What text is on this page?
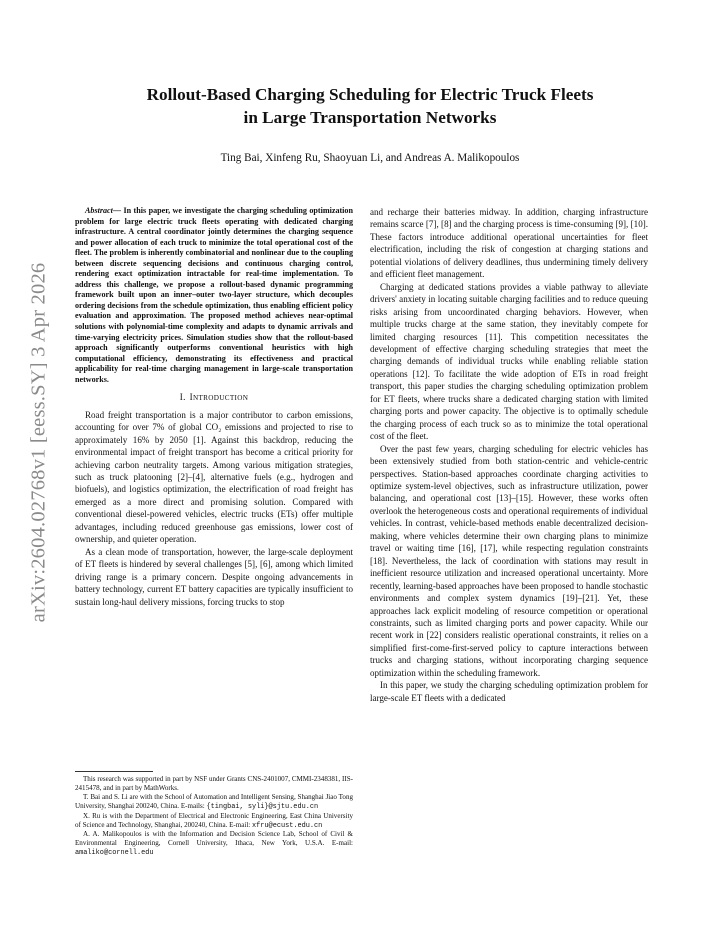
arXiv:2604.02768v1 [eess.SY] 3 Apr 2026
Rollout-Based Charging Scheduling for Electric Truck Fleets
in Large Transportation Networks
Ting Bai, Xinfeng Ru, Shaoyuan Li, and Andreas A. Malikopoulos

Abstract— In this paper, we investigate the charging scheduling optimization problem for large electric truck fleets operating with dedicated charging infrastructure. A central coordinator jointly determines the charging sequence and power allocation of each truck to minimize the total operational cost of the fleet. The problem is inherently combinatorial and nonlinear due to the coupling between discrete sequencing decisions and continuous charging control, rendering exact optimization intractable for real-time implementation. To address this challenge, we propose a rollout-based dynamic programming framework built upon an inner–outer two-layer structure, which decouples ordering decisions from the schedule optimization, thus enabling efficient policy evaluation and approximation. The proposed method achieves near-optimal solutions with polynomial-time complexity and adapts to dynamic arrivals and time-varying electricity prices. Simulation studies show that the rollout-based approach significantly outperforms conventional heuristics with high computational efficiency, demonstrating its effectiveness and practical applicability for real-time charging management in large-scale transportation networks.

I. INTRODUCTION

Road freight transportation is a major contributor to carbon emissions, accounting for over 7% of global CO₂ emissions and projected to rise to approximately 16% by 2050 [1]. Against this backdrop, reducing the environmental impact of freight transport has become a critical priority for achieving carbon neutrality targets. Among various mitigation strategies, such as truck platooning [2]–[4], alternative fuels (e.g., hydrogen and biofuels), and logistics optimization, the electrification of road freight has emerged as a more direct and promising solution. Compared with conventional diesel-powered vehicles, electric trucks (ETs) offer multiple advantages, including reduced greenhouse gas emissions, lower cost of ownership, and quieter operation.

As a clean mode of transportation, however, the large-scale deployment of ET fleets is hindered by several challenges [5], [6], among which limited driving range is a primary concern. Despite ongoing advancements in battery technology, current ET battery capacities are typically insufficient to sustain long-haul delivery missions, forcing trucks to stop

This research was supported in part by NSF under Grants CNS-2401007, CMMI-2348381, IIS-2415478, and in part by MathWorks.

T. Bai and S. Li are with the School of Automation and Intelligent Sensing, Shanghai Jiao Tong University, Shanghai 200240, China. E-mails: {tingbai, syli}@sjtu.edu.cn

X. Ru is with the Department of Electrical and Electronic Engineering, East China University of Science and Technology, Shanghai, 200240, China. E-mail: xfru@ecust.edu.cn

A. A. Malikopoulos is with the Information and Decision Science Lab, School of Civil & Environmental Engineering, Cornell University, Ithaca, New York, U.S.A. E-mail: amaliko@cornell.edu

and recharge their batteries midway. In addition, charging infrastructure remains scarce [7], [8] and the charging process is time-consuming [9], [10]. These factors introduce additional operational uncertainties for fleet electrification, including the risk of congestion at charging stations and potential violations of delivery deadlines, thus undermining timely delivery and efficient fleet management.

Charging at dedicated stations provides a viable pathway to alleviate drivers' anxiety in locating suitable charging facilities and to reduce queuing risks arising from uncoordinated charging behaviors. However, when multiple trucks charge at the same station, they inevitably compete for limited charging resources [11]. This competition necessitates the development of effective charging scheduling strategies that meet the charging demands of individual trucks while enabling reliable station operations [12]. To facilitate the wide adoption of ETs in road freight transport, this paper studies the charging scheduling optimization problem for ET fleets, where trucks share a dedicated charging station with limited charging ports and power capacity. The objective is to optimally schedule the charging process of each truck so as to minimize the total operational cost of the fleet.

Over the past few years, charging scheduling for electric vehicles has been extensively studied from both station-centric and vehicle-centric perspectives. Station-based approaches coordinate charging activities to optimize system-level objectives, such as infrastructure utilization, power balancing, and operational cost [13]–[15]. However, these works often overlook the heterogeneous costs and operational requirements of individual vehicles. In contrast, vehicle-based methods enable decentralized decision-making, where vehicles determine their own charging plans to minimize travel or waiting time [16], [17], while respecting regulation constraints [18]. Nevertheless, the lack of coordination with stations may result in inefficient resource utilization and increased operational uncertainty. More recently, learning-based approaches have been proposed to handle stochastic environments and complex system dynamics [19]–[21]. Yet, these approaches lack explicit modeling of resource competition or operational constraints, such as limited charging ports and power capacity. While our recent work in [22] considers realistic operational constraints, it relies on a simplified first-come-first-served policy to capture interactions between trucks and charging stations, without incorporating charging sequence optimization within the scheduling framework.

In this paper, we study the charging scheduling optimization problem for large-scale ET fleets with a dedicated
